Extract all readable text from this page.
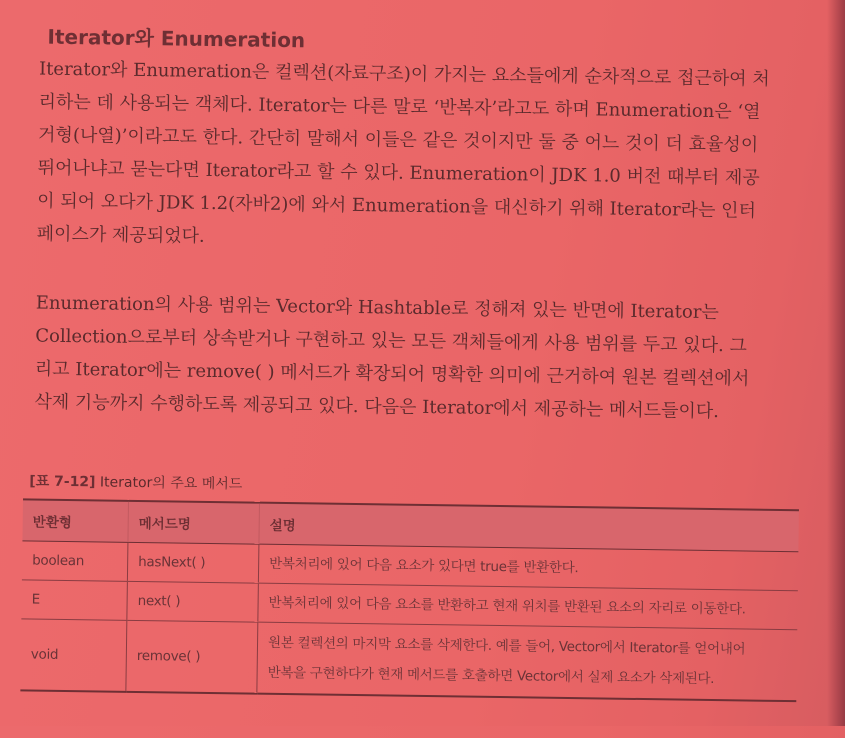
Iterator와 Enumeration
Iterator와 Enumeration은 컬렉션(자료구조)이 가지는 요소들에게 순차적으로 접근하여 처
리하는 데 사용되는 객체다. Iterator는 다른 말로 ‘반복자’라고도 하며 Enumeration은 ‘열
거형(나열)’이라고도 한다. 간단히 말해서 이들은 같은 것이지만 둘 중 어느 것이 더 효율성이
뛰어나냐고 묻는다면 Iterator라고 할 수 있다. Enumeration이 JDK 1.0 버전 때부터 제공
이 되어 오다가 JDK 1.2(자바2)에 와서 Enumeration을 대신하기 위해 Iterator라는 인터
페이스가 제공되었다.
Enumeration의 사용 범위는 Vector와 Hashtable로 정해져 있는 반면에 Iterator는
Collection으로부터 상속받거나 구현하고 있는 모든 객체들에게 사용 범위를 두고 있다. 그
리고 Iterator에는 remove( ) 메서드가 확장되어 명확한 의미에 근거하여 원본 컬렉션에서
삭제 기능까지 수행하도록 제공되고 있다. 다음은 Iterator에서 제공하는 메서드들이다.
[표 7-12] Iterator의 주요 메서드
반환형	메서드명	설명
boolean	hasNext( )	반복처리에 있어 다음 요소가 있다면 true를 반환한다.

E	next( )	반복처리에 있어 다음 요소를 반환하고 현재 위치를 반환된 요소의 자리로 이동한다.

void	remove( )	원본 컬렉션의 마지막 요소를 삭제한다. 예를 들어, Vector에서 Iterator를 얻어내어
반복을 구현하다가 현재 메서드를 호출하면 Vector에서 실제 요소가 삭제된다.
